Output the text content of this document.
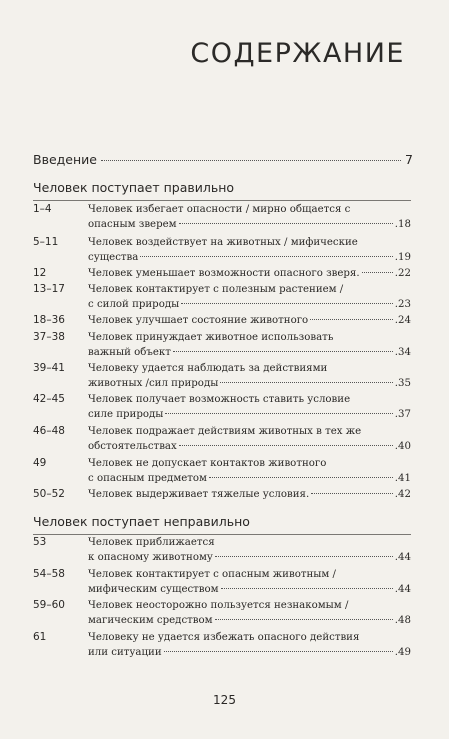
СОДЕРЖАНИЕ
Введение	7
Человек поступает правильно
1–4	Человек избегает опасности / мирно общается с
опасным зверем	.18
5–11	Человек воздействует на животных / мифические
существа	.19
12	Человек уменьшает возможности опасного зверя.	.22
13–17 Человек контактирует с полезным растением /
с силой природы	.23
18–36 Человек улучшает состояние животного	.24
37–38 Человек принуждает животное использовать
важный объект	.34
39–41 Человеку удается наблюдать за действиями
животных /сил природы	.35
42–45 Человек получает возможность ставить условие
силе природы	.37
46–48 Человек подражает действиям животных в тех же
обстоятельствах	.40
49	Человек не допускает контактов животного
с опасным предметом	.41
50–52 Человек выдерживает тяжелые условия.	.42
Человек поступает неправильно
53	Человек приближается
к опасному животному	.44
54–58 Человек контактирует с опасным животным /
мифическим существом	.44
59–60 Человек неосторожно пользуется незнакомым /
магическим средством	.48
61	Человеку не удается избежать опасного действия
или ситуации	.49
125
